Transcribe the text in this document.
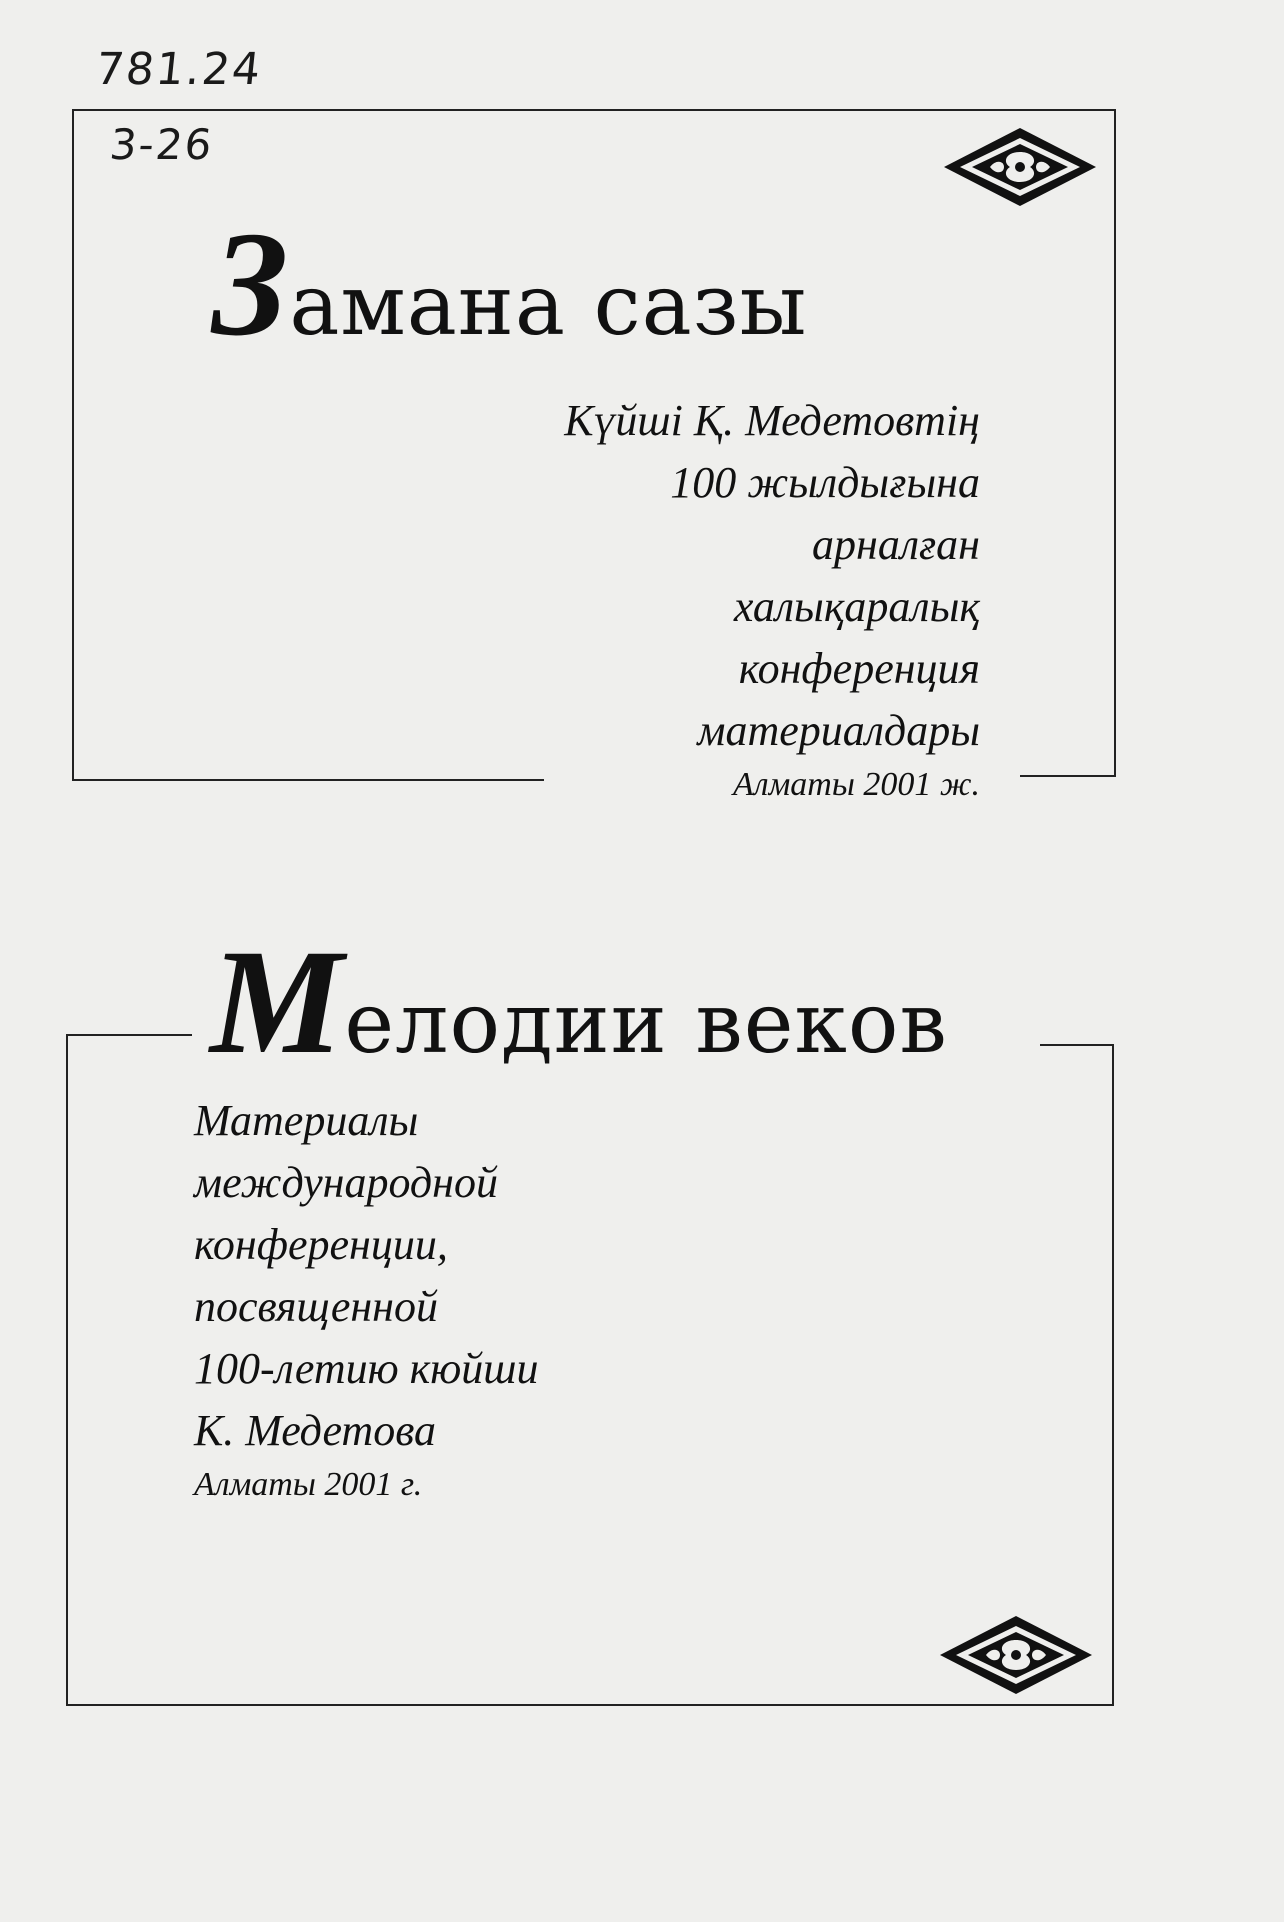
781.24
3-26
Замана сазы
Күйші Қ. Медетовтің
100 жылдығына
арналған
халықаралық
конференция
материалдары
Алматы 2001 ж.
Мелодии веков
Материалы
международной
конференции,
посвященной
100-летию кюйши
К. Медетова
Алматы 2001 г.
